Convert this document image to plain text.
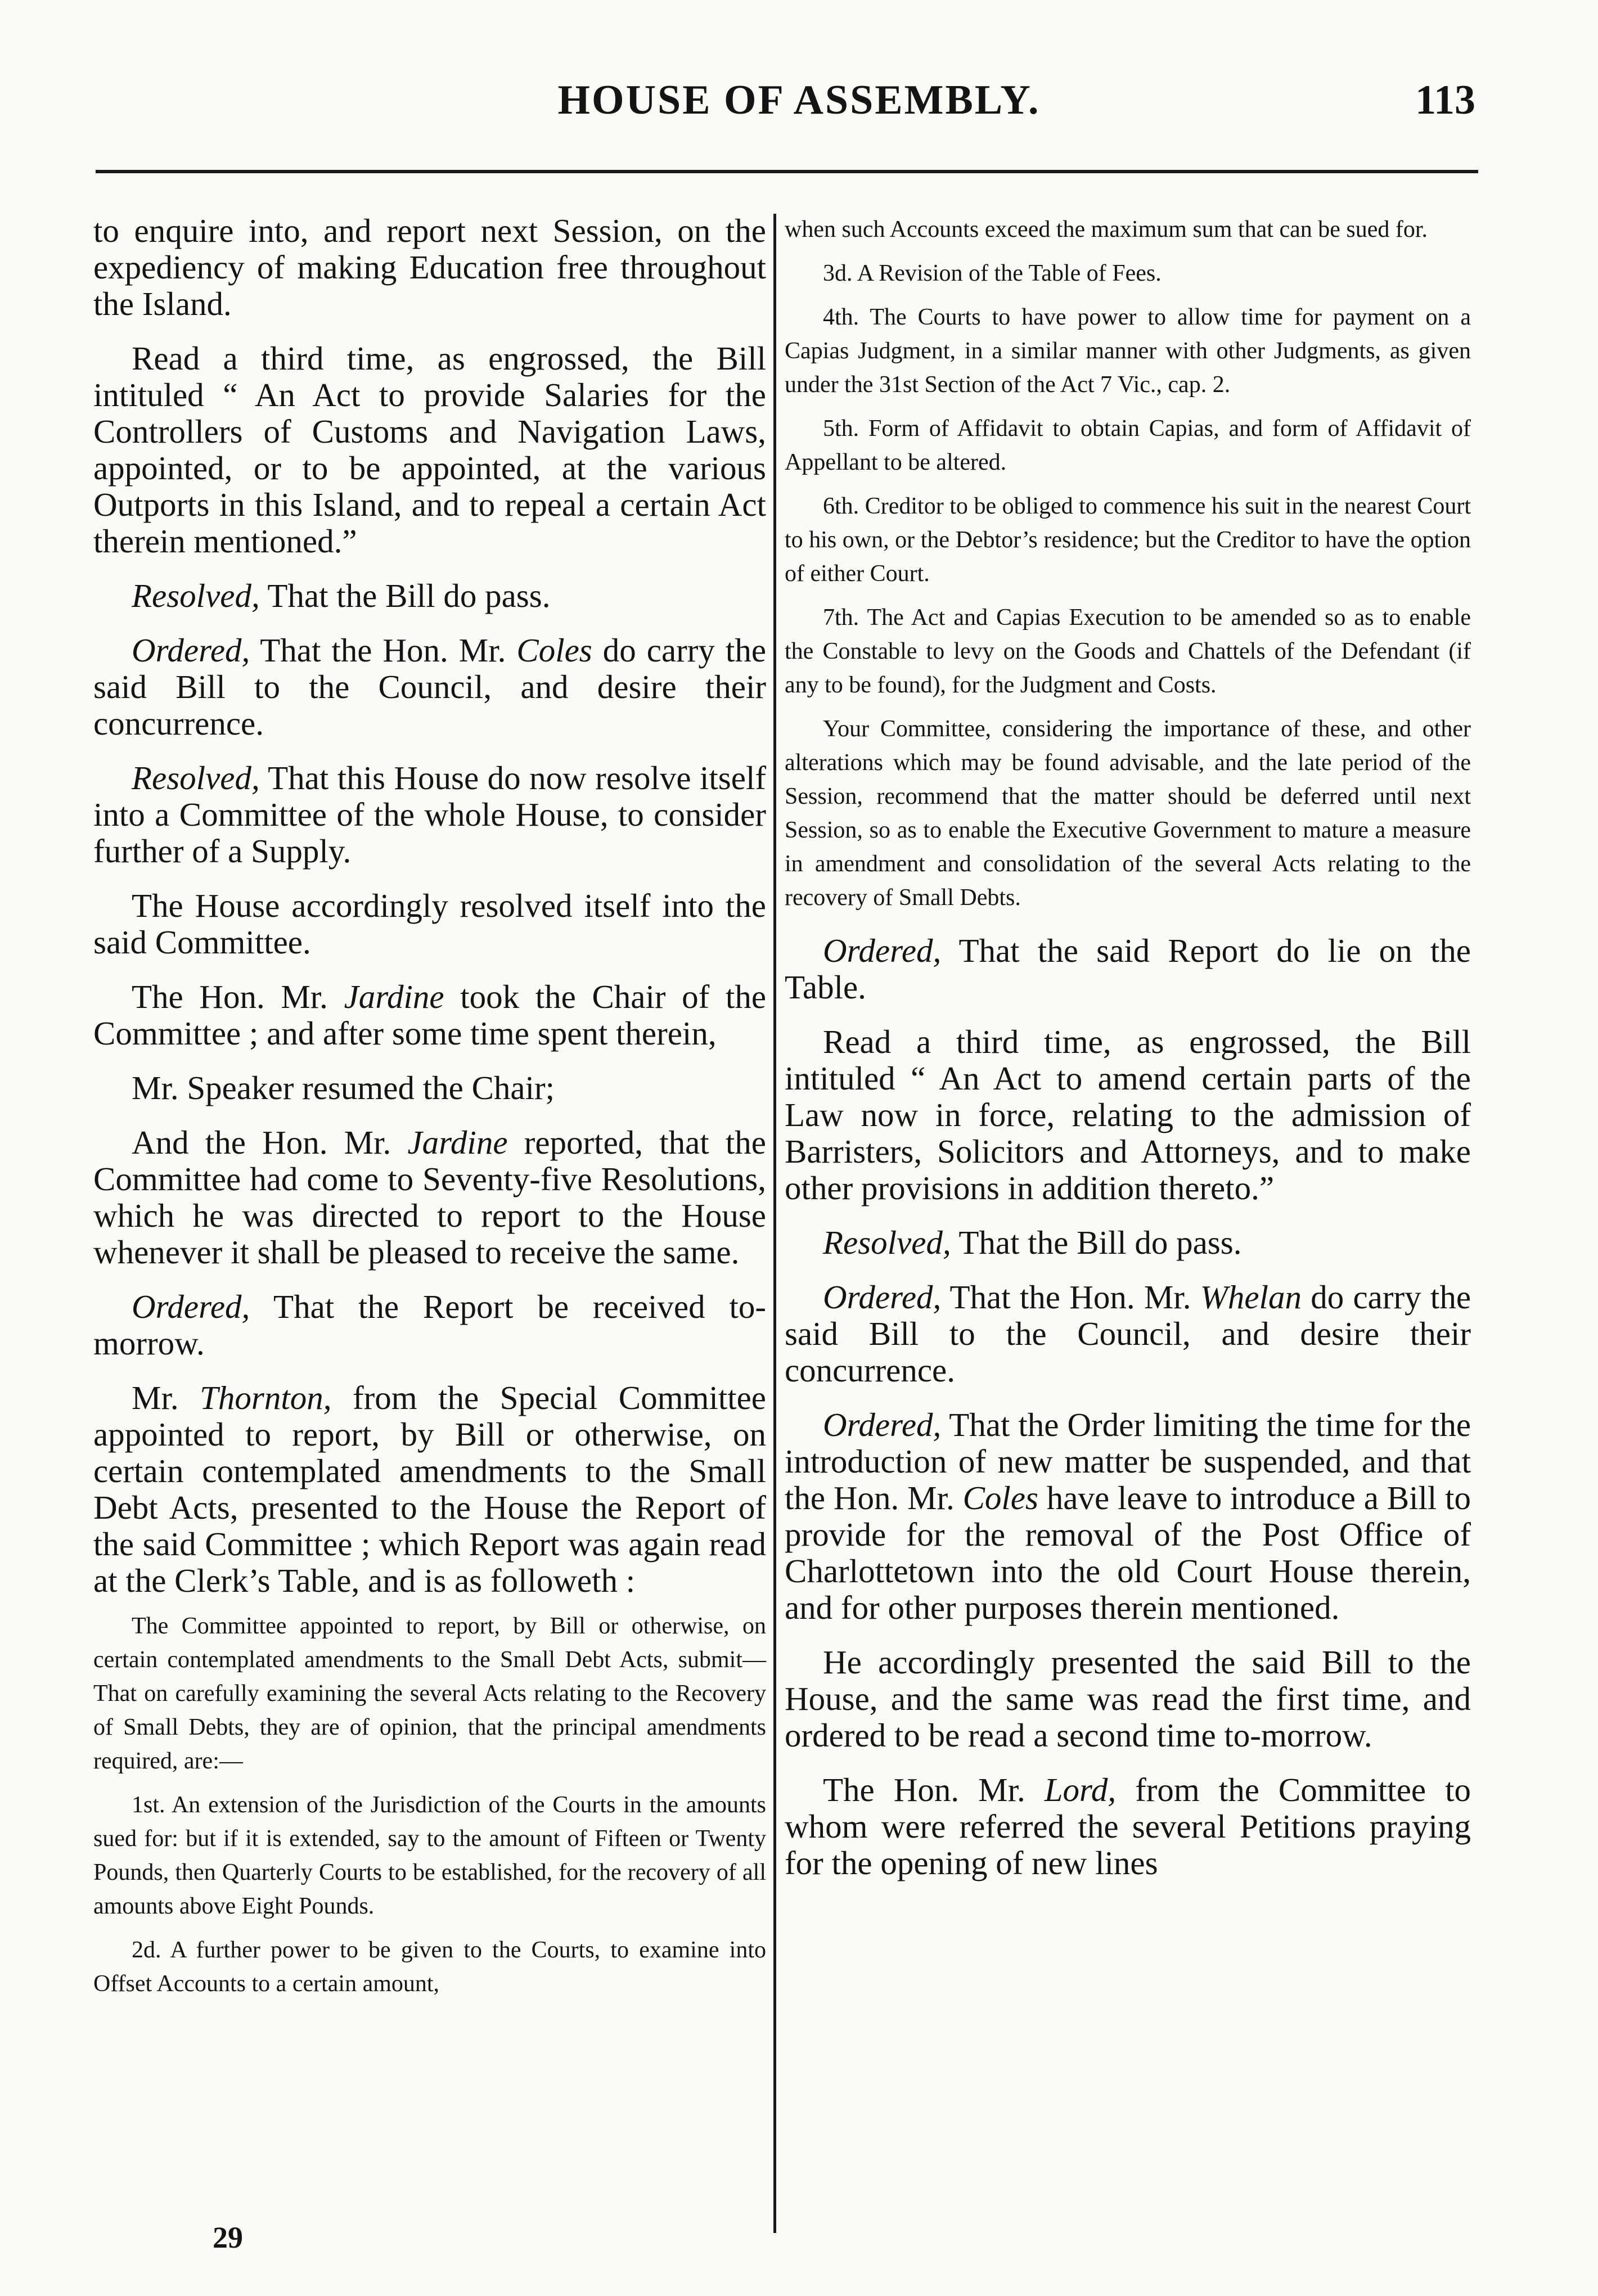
HOUSE OF ASSEMBLY.	113

to enquire into, and report next Session, on the expediency of making Education free throughout the Island.

Read a third time, as engrossed, the Bill intituled “ An Act to provide Salaries for the Controllers of Customs and Navigation Laws, appointed, or to be appointed, at the various Outports in this Island, and to repeal a certain Act therein mentioned.”

Resolved, That the Bill do pass.

Ordered, That the Hon. Mr. Coles do carry the said Bill to the Council, and desire their concurrence.

Resolved, That this House do now resolve itself into a Committee of the whole House, to consider further of a Supply.

The House accordingly resolved itself into the said Committee.

The Hon. Mr. Jardine took the Chair of the Committee ; and after some time spent therein,

Mr. Speaker resumed the Chair;

And the Hon. Mr. Jardine reported, that the Committee had come to Seventy-five Resolutions, which he was directed to report to the House whenever it shall be pleased to receive the same.

Ordered, That the Report be received to-morrow.

Mr. Thornton, from the Special Committee appointed to report, by Bill or otherwise, on certain contemplated amendments to the Small Debt Acts, presented to the House the Report of the said Committee ; which Report was again read at the Clerk’s Table, and is as followeth :

The Committee appointed to report, by Bill or otherwise, on certain contemplated amendments to the Small Debt Acts, submit—That on carefully examining the several Acts relating to the Recovery of Small Debts, they are of opinion, that the principal amendments required, are:—

1st. An extension of the Jurisdiction of the Courts in the amounts sued for: but if it is extended, say to the amount of Fifteen or Twenty Pounds, then Quarterly Courts to be established, for the recovery of all amounts above Eight Pounds.

2d. A further power to be given to the Courts, to examine into Offset Accounts to a certain amount,

when such Accounts exceed the maximum sum that can be sued for.

3d. A Revision of the Table of Fees.

4th. The Courts to have power to allow time for payment on a Capias Judgment, in a similar manner with other Judgments, as given under the 31st Section of the Act 7 Vic., cap. 2.

5th. Form of Affidavit to obtain Capias, and form of Affidavit of Appellant to be altered.

6th. Creditor to be obliged to commence his suit in the nearest Court to his own, or the Debtor’s residence; but the Creditor to have the option of either Court.

7th. The Act and Capias Execution to be amended so as to enable the Constable to levy on the Goods and Chattels of the Defendant (if any to be found), for the Judgment and Costs.

Your Committee, considering the importance of these, and other alterations which may be found advisable, and the late period of the Session, recommend that the matter should be deferred until next Session, so as to enable the Executive Government to mature a measure in amendment and consolidation of the several Acts relating to the recovery of Small Debts.

Ordered, That the said Report do lie on the Table.

Read a third time, as engrossed, the Bill intituled “ An Act to amend certain parts of the Law now in force, relating to the admission of Barristers, Solicitors and Attorneys, and to make other provisions in addition thereto.”

Resolved, That the Bill do pass.

Ordered, That the Hon. Mr. Whelan do carry the said Bill to the Council, and desire their concurrence.

Ordered, That the Order limiting the time for the introduction of new matter be suspended, and that the Hon. Mr. Coles have leave to introduce a Bill to provide for the removal of the Post Office of Charlottetown into the old Court House therein, and for other purposes therein mentioned.

He accordingly presented the said Bill to the House, and the same was read the first time, and ordered to be read a second time to-morrow.

The Hon. Mr. Lord, from the Committee to whom were referred the several Petitions praying for the opening of new lines

29
